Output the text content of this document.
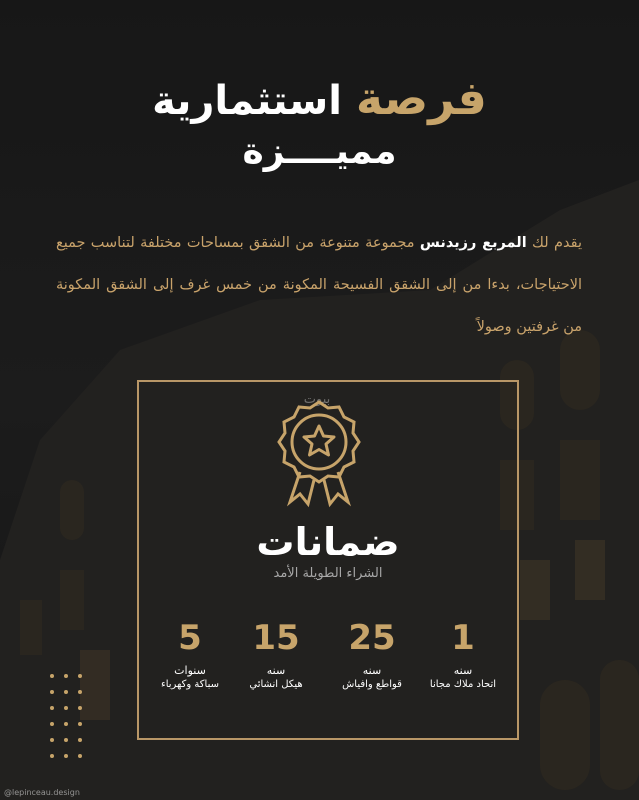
فرصة استثمارية
مميــــزة
يقدم لك المربع رزيدنس مجموعة متنوعة من الشقق بمساحات مختلفة لتناسب جميع الاحتياجات، بدءا من إلى الشقق الفسيحة المكونة من خمس غرف إلى الشقق المكونة من غرفتين وصولاً
بيوت
ضمانات
الشراء الطويلة الأمد
1
سنه
اتحاد ملاك مجانا
25
سنه
قواطع وافياش
15
سنه
هيكل انشائي
5
سنوات
سباكة وكهرباء
@lepinceau.design
